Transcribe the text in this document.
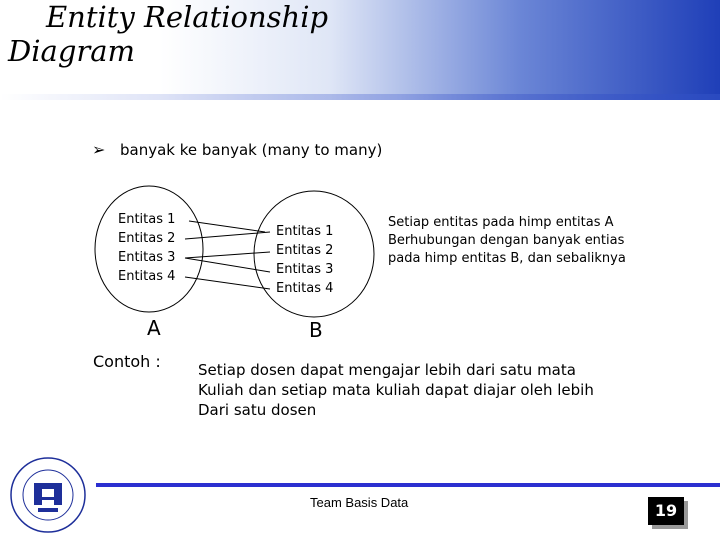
Entity Relationship
Diagram
➢ banyak ke banyak (many to many)
Entitas 1
Entitas 2
Entitas 3
Entitas 4
Entitas 1
Entitas 2
Entitas 3
Entitas 4
A	B
Setiap entitas pada himp entitas A
Berhubungan dengan banyak entias
pada himp entitas B, dan sebaliknya
Contoh : Setiap dosen dapat mengajar lebih dari satu mata
Kuliah dan setiap mata kuliah dapat diajar oleh lebih
Dari satu dosen
Team Basis Data	19
